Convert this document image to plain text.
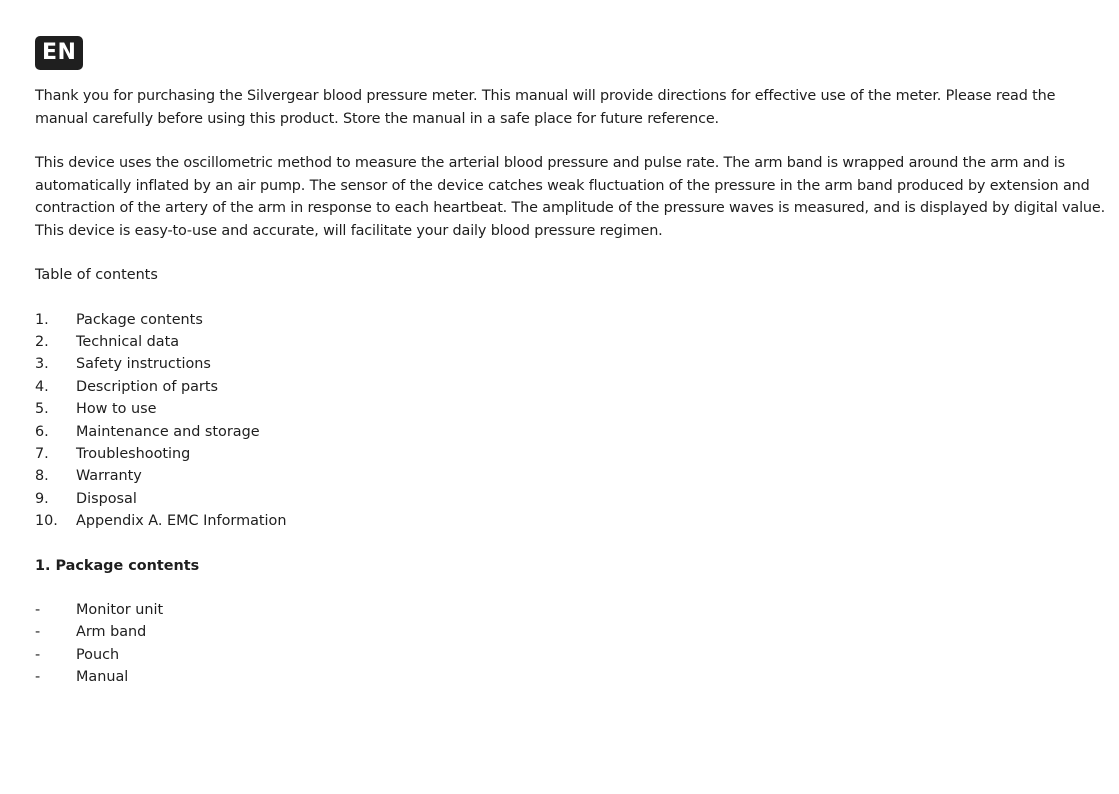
EN

Thank you for purchasing the Silvergear blood pressure meter. This manual will provide directions for effective use of the meter. Please read the manual carefully before using this product. Store the manual in a safe place for future reference.

This device uses the oscillometric method to measure the arterial blood pressure and pulse rate. The arm band is wrapped around the arm and is automatically inflated by an air pump. The sensor of the device catches weak fluctuation of the pressure in the arm band produced by extension and contraction of the artery of the arm in response to each heartbeat. The amplitude of the pressure waves is measured, and is displayed by digital value. This device is easy-to-use and accurate, will facilitate your daily blood pressure regimen.

Table of contents

1. Package contents
2. Technical data
3. Safety instructions
4. Description of parts
5. How to use
6. Maintenance and storage
7. Troubleshooting
8. Warranty
9. Disposal
10. Appendix A. EMC Information

1. Package contents

- Monitor unit
- Arm band
- Pouch
- Manual
